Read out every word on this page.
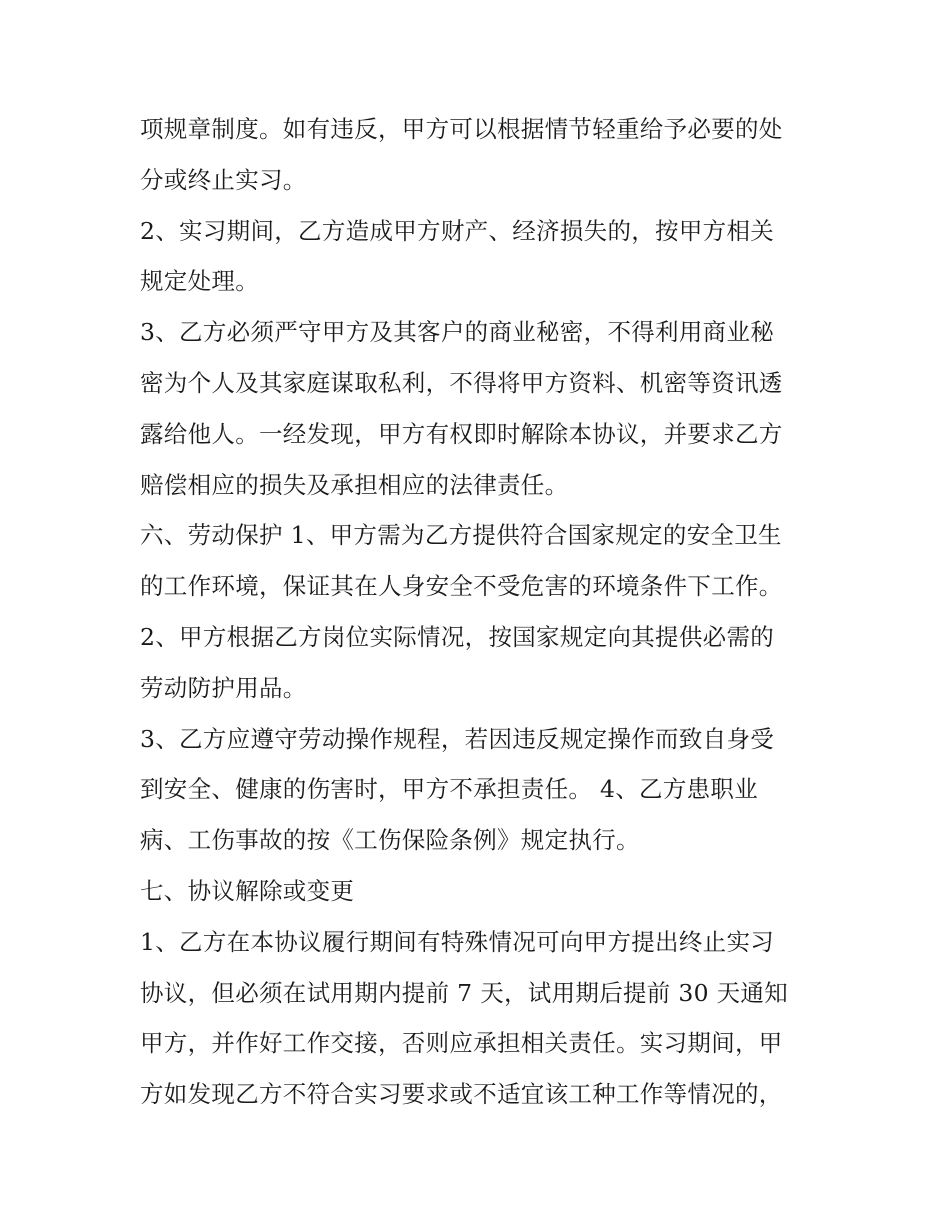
项规章制度。如有违反，甲方可以根据情节轻重给予必要的处
分或终止实习。
2、实习期间，乙方造成甲方财产、经济损失的，按甲方相关
规定处理。
3、乙方必须严守甲方及其客户的商业秘密，不得利用商业秘
密为个人及其家庭谋取私利，不得将甲方资料、机密等资讯透
露给他人。一经发现，甲方有权即时解除本协议，并要求乙方
赔偿相应的损失及承担相应的法律责任。
六、劳动保护 1、甲方需为乙方提供符合国家规定的安全卫生
的工作环境，保证其在人身安全不受危害的环境条件下工作。
2、甲方根据乙方岗位实际情况，按国家规定向其提供必需的
劳动防护用品。
3、乙方应遵守劳动操作规程，若因违反规定操作而致自身受
到安全、健康的伤害时，甲方不承担责任。 4、乙方患职业
病、工伤事故的按《工伤保险条例》规定执行。
七、协议解除或变更
1、乙方在本协议履行期间有特殊情况可向甲方提出终止实习
协议，但必须在试用期内提前 7 天，试用期后提前 30 天通知
甲方，并作好工作交接，否则应承担相关责任。实习期间，甲
方如发现乙方不符合实习要求或不适宜该工种工作等情况的，
